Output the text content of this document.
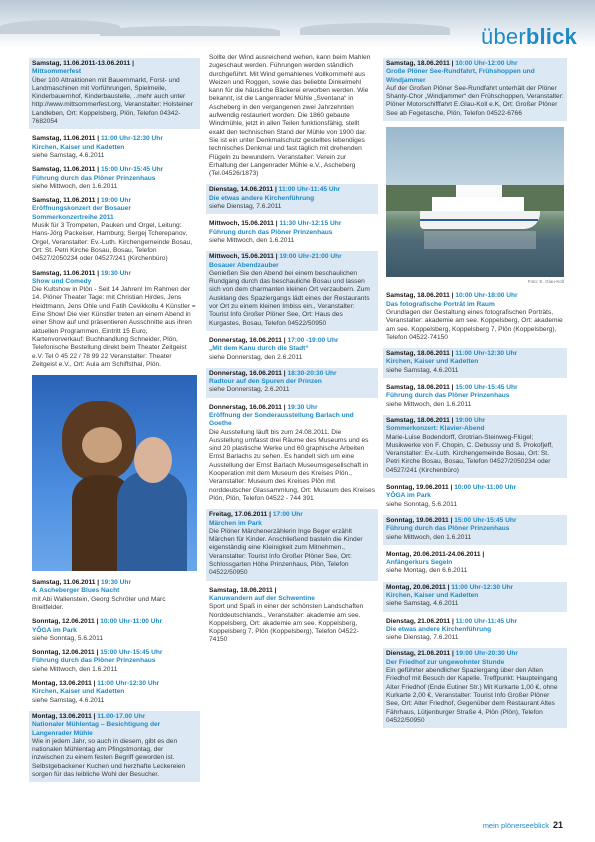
überblick
Samstag, 11.06.2011-13.06.2011 |
Mittsommerfest
Über 100 Attraktionen mit Bauernmarkt, Forst- und Landmaschinen mit Vorführungen, Spielmeile, Kinderbauernhof, Kinderbaustelle, ..mehr auch unter http://www.mittsommerfest.org, Veranstalter: Holsteiner Landleben, Ort: Koppelsberg, Plön, Telefon 04342-7682054
Samstag, 11.06.2011 | 11:00 Uhr-12:30 Uhr
Kirchen, Kaiser und Kadetten
siehe Samstag, 4.6.2011
Samstag, 11.06.2011 | 15:00 Uhr-15:45 Uhr
Führung durch das Plöner Prinzenhaus
siehe Mittwoch, den 1.6.2011
Samstag, 11.06.2011 | 19:00 Uhr
Eröffnungskonzert der Bosauer Sommerkonzertreihe 2011
Musik für 3 Trompeten, Pauken und Orgel, Leitung: Hans-Jörg Packeiser, Hamburg; Sergej Tcherepanov, Orgel, Veranstalter: Ev.-Luth. Kirchengemeinde Bosau, Ort: St. Petri Kirche Bosau, Bosau, Telefon 04527/2050234 oder 04527/241 (Kirchenbüro)
Samstag, 11.06.2011 | 19:30 Uhr
Show und Comedy
Die Kultshow in Plön - Seit 14 Jahren! Im Rahmen der 14. Plöner Theater Tage: mit Christian Hirdes, Jens Heidtmann, Jens Ohle und Fatih Cevikkollu 4 Künstler = Eine Show! Die vier Künstler treten an einem Abend in einer Show auf und präsentieren Ausschnitte aus ihren aktuellen Programmen. Eintritt 15 Euro, Kartenvorverkauf: Buchhandlung Schneider, Plön, Telefonische Bestellung direkt beim Theater Zeitgeist e.V. Tel 0 45 22 / 78 99 22 Veranstalter: Theater Zeitgeist e.V., Ort: Aula am Schiffsthal, Plön.
Samstag, 11.06.2011 | 19:30 Uhr
4. Ascheberger Blues Nacht
mit Abi Wallenstein, Georg Schröter und Marc Breitfelder.
Sonntag, 12.06.2011 | 10:00 Uhr-11:00 Uhr
YÔGA im Park
siehe Sonntag, 5.6.2011
Sonntag, 12.06.2011 | 15:00 Uhr-15:45 Uhr
Führung durch das Plöner Prinzenhaus
siehe Mittwoch, den 1.6.2011
Montag, 13.06.2011 | 11:00 Uhr-12:30 Uhr
Kirchen, Kaiser und Kadetten
siehe Samstag, 4.6.2011
Montag, 13.06.2011 | 11.00-17.00 Uhr
Nationaler Mühlentag – Besichtigung der Langenrader Mühle
Wie in jedem Jahr, so auch in diesem, gibt es den nationalen Mühlentag am Pfingstmontag, der inzwischen zu einem festen Begriff geworden ist. Selbstgebackener Kuchen und herzhafte Leckereien sorgen für das leibliche Wohl der Besucher.
Sollte der Wind ausreichend wehen, kann beim Mahlen zugeschaut werden. Führungen werden ständlich durchgeführt. Mit Wind gemahlenes Vollkornmehl aus Weizen und Roggen, sowie das beliebte Dinkelmehl kann für die häusliche Bäckerei erworben werden. Wie bekannt, ist die Langenrader Mühle „Sventana“ in Ascheberg in den vergangenen zwei Jahrzehnten aufwendig restauriert worden. Die 1860 gebaute Windmühle, jetzt in allen Teilen funktionsfähig, stellt exakt den technischen Stand der Mühle von 1900 dar. Sie ist ein unter Denkmalschutz gestelltes lebendiges technisches Denkmal und fast täglich mit drehenden Flügeln zu bewundern. Veranstalter: Verein zur Erhaltung der Langenrader Mühle e.V., Ascheberg (Tel.04526/1873)
Dienstag, 14.06.2011 | 11:00 Uhr-11:45 Uhr
Die etwas andere Kirchenführung
siehe Dienstag, 7.6.2011
Mittwoch, 15.06.2011 | 11:30 Uhr-12:15 Uhr
Führung durch das Plöner Prinzenhaus
siehe Mittwoch, den 1.6.2011
Mittwoch, 15.06.2011 | 19:00 Uhr-21:00 Uhr
Bosauer Abendzauber
Genießen Sie den Abend bei einem beschaulichen Rundgang durch das beschauliche Bosau und lassen sich von dem charmanten kleinen Ort verzaubern. Zum Ausklang des Spaziergangs lädt eines der Restaurants vor Ort zu einem kleinen Imbiss ein., Veranstalter: Tourist Info Großer Plöner See, Ort: Haus des Kurgastes, Bosau, Telefon 04522/50950
Donnerstag, 16.06.2011 | 17:00 -19:00 Uhr
„Mit dem Kanu durch die Stadt“
siehe Donnerstag, den 2.6.2011
Donnerstag, 16.06.2011 | 18:30-20:30 Uhr
Radtour auf den Spuren der Prinzen
siehe Donnerstag, 2.6.2011
Donnerstag, 16.06.2011 | 19:30 Uhr
Eröffnung der Sonderausstellung Barlach und Goethe
Die Ausstellung läuft bis zum 24.08.2011. Die Ausstellung umfasst drei Räume des Museums und es sind 20 plastische Werke und 60 graphische Arbeiten Ernst Barlachs zu sehen. Es handelt sich um eine Ausstellung der Ernst Barlach Museumsgesellschaft in Kooperation mit dem Museum des Kreises Plön., Veranstalter: Museum des Kreises Plön mit norddeutscher Glassammlung, Ort: Museum des Kreises Plön, Plön, Telefon 04522 - 744 391
Freitag, 17.06.2011 | 17:00 Uhr
Märchen im Park
Die Plöner Märchenerzählerin Inge Beger erzählt Märchen für Kinder. Anschließend basteln die Kinder eigenständig eine Kleinigkeit zum Mitnehmen., Veranstalter: Tourist Info Großer Plöner See, Ort: Schlossgarten Höhe Prinzenhaus, Plön, Telefon 04522/50950
Samstag, 18.06.2011 |
Kanuwandern auf der Schwentine
Sport und Spaß in einer der schönsten Landschaften Norddeutschlands., Veranstalter: akademie am see. Koppelsberg, Ort: akademie am see. Koppelsberg, Koppelsberg 7, Plön (Koppelsberg), Telefon 04522-74150
Samstag, 18.06.2011 | 10:00 Uhr-12:00 Uhr
Große Plöner See-Rundfahrt, Frühshoppen und Windjammer
Auf der Großen Plöner See-Rundfahrt unterhält der Plöner Shanty-Chor „Windjammer“ den Frühschoppen, Veranstalter: Plöner Motorschifffahrt E.Glau-Koll e.K, Ort: Großer Plöner See ab Fegetasche, Plön, Telefon 04522-6766
Foto: E. Glau-Koll
Samstag, 18.06.2011 | 10:00 Uhr-18:00 Uhr
Das fotografische Porträt im Raum
Grundlagen der Gestaltung eines fotografischen Porträts, Veranstalter: akademie am see. Koppelsberg, Ort: akademie am see. Koppelsberg, Koppelsberg 7, Plön (Koppelsberg), Telefon 04522-74150
Samstag, 18.06.2011 | 11:00 Uhr-12:30 Uhr
Kirchen, Kaiser und Kadetten
siehe Samstag, 4.6.2011
Samstag, 18.06.2011 | 15:00 Uhr-15:45 Uhr
Führung durch das Plöner Prinzenhaus
siehe Mittwoch, den 1.6.2011
Samstag, 18.06.2011 | 19:00 Uhr
Sommerkonzert: Klavier-Abend
Marie-Luise Bodendorff, Grotrian-Steinweg-Flügel; Musikwerke von F. Chopin, C. Debussy und S. Prokofjeff, Veranstalter: Ev.-Luth. Kirchengemeinde Bosau, Ort: St. Petri Kirche Bosau, Bosau, Telefon 04527/2050234 oder 04527/241 (Kirchenbüro)
Sonntag, 19.06.2011 | 10:00 Uhr-11:00 Uhr
YÔGA im Park
siehe Sonntag, 5.6.2011
Sonntag, 19.06.2011 | 15:00 Uhr-15:45 Uhr
Führung durch das Plöner Prinzenhaus
siehe Mittwoch, den 1.6.2011
Montag, 20.06.2011-24.06.2011 |
Anfängerkurs Segeln
siehe Montag, den 6.6.2011
Montag, 20.06.2011 | 11:00 Uhr-12:30 Uhr
Kirchen, Kaiser und Kadetten
siehe Samstag, 4.6.2011
Dienstag, 21.06.2011 | 11:00 Uhr-11:45 Uhr
Die etwas andere Kirchenführung
siehe Dienstag, 7.6.2011
Dienstag, 21.06.2011 | 19:00 Uhr-20:30 Uhr
Der Friedhof zur ungewohnter Stunde
Ein geführter abendlicher Spaziergang über den Alten Friedhof mit Besuch der Kapelle. Treffpunkt: Haupteingang Alter Friedhof (Ende Eutiner Str.) Mit Kurkarte 1,00 €, ohne Kurkarte 2,00 €, Veranstalter: Tourist Info Großer Plöner See, Ort: Alter Friedhof, Gegenüber dem Restaurant Altes Fährhaus, Lütjenburger Straße 4, Plön (Plön), Telefon 04522/50950
mein plönerseeblick 21
